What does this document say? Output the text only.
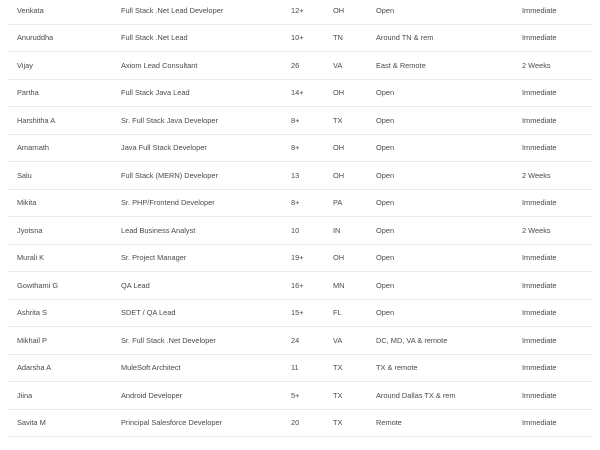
Venkata	Full Stack .Net Lead Developer	12+	OH	Open	Immediate
Anuruddha	Full Stack .Net Lead	10+	TN	Around TN & rem	Immediate
Vijay	Axiom Lead Consultant	26	VA	East & Remote	2 Weeks
Partha	Full Stack Java Lead	14+	OH	Open	Immediate
Harshitha A	Sr. Full Stack Java Developer	8+	TX	Open	Immediate
Amarnath	Java Full Stack Developer	8+	OH	Open	Immediate
Salu	Full Stack (MERN) Developer	13	OH	Open	2 Weeks
Mikita	Sr. PHP/Frontend Developer	8+	PA	Open	Immediate
Jyotsna	Lead Business Analyst	10	IN	Open	2 Weeks
Murali K	Sr. Project Manager	19+	OH	Open	Immediate
Gowthami G	QA Lead	16+	MN	Open	Immediate
Ashrita S	SDET / QA Lead	15+	FL	Open	Immediate
Mikhail P	Sr. Full Stack .Net Developer	24	VA	DC, MD, VA & remote	Immediate
Adarsha A	MuleSoft Architect	11	TX	TX & remote	Immediate
Jiina	Android Developer	5+	TX	Around Dallas TX & rem	Immediate
Savita M	Principal Salesforce Developer	20	TX	Remote	Immediate
